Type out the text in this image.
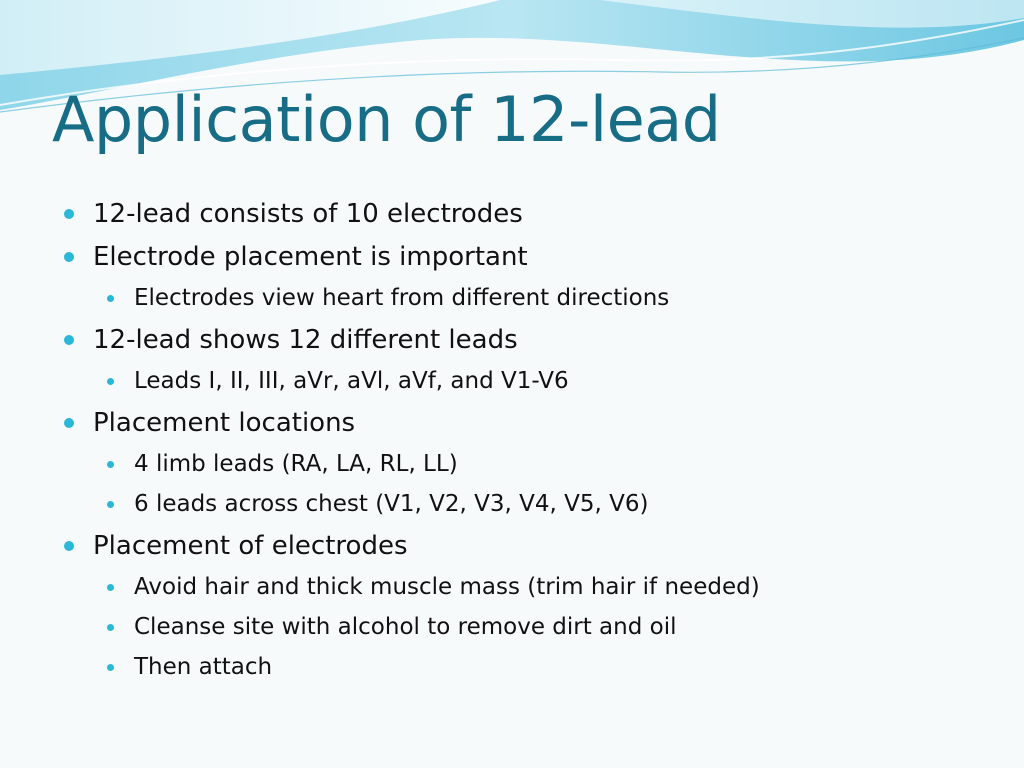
Application of 12-lead
12-lead consists of 10 electrodes
Electrode placement is important
Electrodes view heart from different directions
12-lead shows 12 different leads
Leads I, II, III, aVr, aVl, aVf, and V1-V6
Placement locations
4 limb leads (RA, LA, RL, LL)
6 leads across chest (V1, V2, V3, V4, V5, V6)
Placement of electrodes
Avoid hair and thick muscle mass (trim hair if needed)
Cleanse site with alcohol to remove dirt and oil
Then attach
